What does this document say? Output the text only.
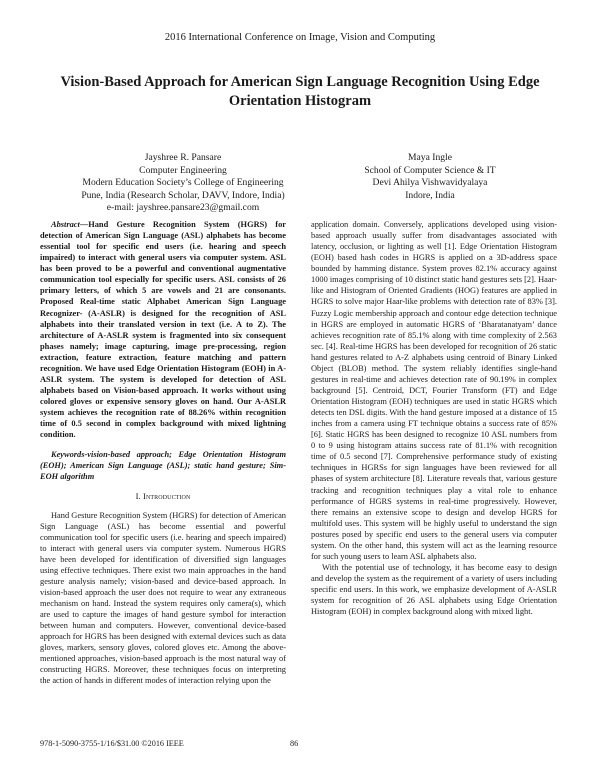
2016 International Conference on Image, Vision and Computing
Vision-Based Approach for American Sign Language Recognition Using Edge Orientation Histogram
Jayshree R. Pansare
Computer Engineering
Modern Education Society’s College of Engineering
Pune, India (Research Scholar, DAVV, Indore, India)
e-mail: jayshree.pansare23@gmail.com
Maya Ingle
School of Computer Science & IT
Devi Ahilya Vishwavidyalaya
Indore, India

Abstract—Hand Gesture Recognition System (HGRS) for detection of American Sign Language (ASL) alphabets has become essential tool for specific end users (i.e. hearing and speech impaired) to interact with general users via computer system. ASL has been proved to be a powerful and conventional augmentative communication tool especially for specific users. ASL consists of 26 primary letters, of which 5 are vowels and 21 are consonants. Proposed Real-time static Alphabet American Sign Language Recognizer- (A-ASLR) is designed for the recognition of ASL alphabets into their translated version in text (i.e. A to Z). The architecture of A-ASLR system is fragmented into six consequent phases namely; image capturing, image pre-processing, region extraction, feature extraction, feature matching and pattern recognition. We have used Edge Orientation Histogram (EOH) in A-ASLR system. The system is developed for detection of ASL alphabets based on Vision-based approach. It works without using colored gloves or expensive sensory gloves on hand. Our A-ASLR system achieves the recognition rate of 88.26% within recognition time of 0.5 second in complex background with mixed lightning condition.

Keywords-vision-based approach; Edge Orientation Histogram (EOH); American Sign Language (ASL); static hand gesture; Sim-EOH algorithm

I. Introduction

Hand Gesture Recognition System (HGRS) for detection of American Sign Language (ASL) has become essential and powerful communication tool for specific users (i.e. hearing and speech impaired) to interact with general users via computer system. Numerous HGRS have been developed for identification of diversified sign languages using effective techniques. There exist two main approaches in the hand gesture analysis namely; vision-based and device-based approach. In vision-based approach the user does not require to wear any extraneous mechanism on hand. Instead the system requires only camera(s), which are used to capture the images of hand gesture symbol for interaction between human and computers. However, conventional device-based approach for HGRS has been designed with external devices such as data gloves, markers, sensory gloves, colored gloves etc. Among the above-mentioned approaches, vision-based approach is the most natural way of constructing HGRS. Moreover, these techniques focus on interpreting the action of hands in different modes of interaction relying upon the

application domain. Conversely, applications developed using vision-based approach usually suffer from disadvantages associated with latency, occlusion, or lighting as well [1]. Edge Orientation Histogram (EOH) based hash codes in HGRS is applied on a 3D-address space bounded by hamming distance. System proves 82.1% accuracy against 1000 images comprising of 10 distinct static hand gestures sets [2]. Haar-like and Histogram of Oriented Gradients (HOG) features are applied in HGRS to solve major Haar-like problems with detection rate of 83% [3]. Fuzzy Logic membership approach and contour edge detection technique in HGRS are employed in automatic HGRS of ‘Bharatanatyam’ dance achieves recognition rate of 85.1% along with time complexity of 2.563 sec. [4]. Real-time HGRS has been developed for recognition of 26 static hand gestures related to A-Z alphabets using centroid of Binary Linked Object (BLOB) method. The system reliably identifies single-hand gestures in real-time and achieves detection rate of 90.19% in complex background [5]. Centroid, DCT, Fourier Transform (FT) and Edge Orientation Histogram (EOH) techniques are used in static HGRS which detects ten DSL digits. With the hand gesture imposed at a distance of 15 inches from a camera using FT technique obtains a success rate of 85% [6]. Static HGRS has been designed to recognize 10 ASL numbers from 0 to 9 using histogram attains success rate of 81.1% with recognition time of 0.5 second [7]. Comprehensive performance study of existing techniques in HGRSs for sign languages have been reviewed for all phases of system architecture [8]. Literature reveals that, various gesture tracking and recognition techniques play a vital role to enhance performance of HGRS systems in real-time progressively. However, there remains an extensive scope to design and develop HGRS for multifold uses. This system will be highly useful to understand the sign postures posed by specific end users to the general users via computer system. On the other hand, this system will act as the learning resource for such young users to learn ASL alphabets also.

With the potential use of technology, it has become easy to design and develop the system as the requirement of a variety of users including specific end users. In this work, we emphasize development of A-ASLR system for recognition of 26 ASL alphabets using Edge Orientation Histogram (EOH) in complex background along with mixed light.

978-1-5090-3755-1/16/$31.00 ©2016 IEEE	86
